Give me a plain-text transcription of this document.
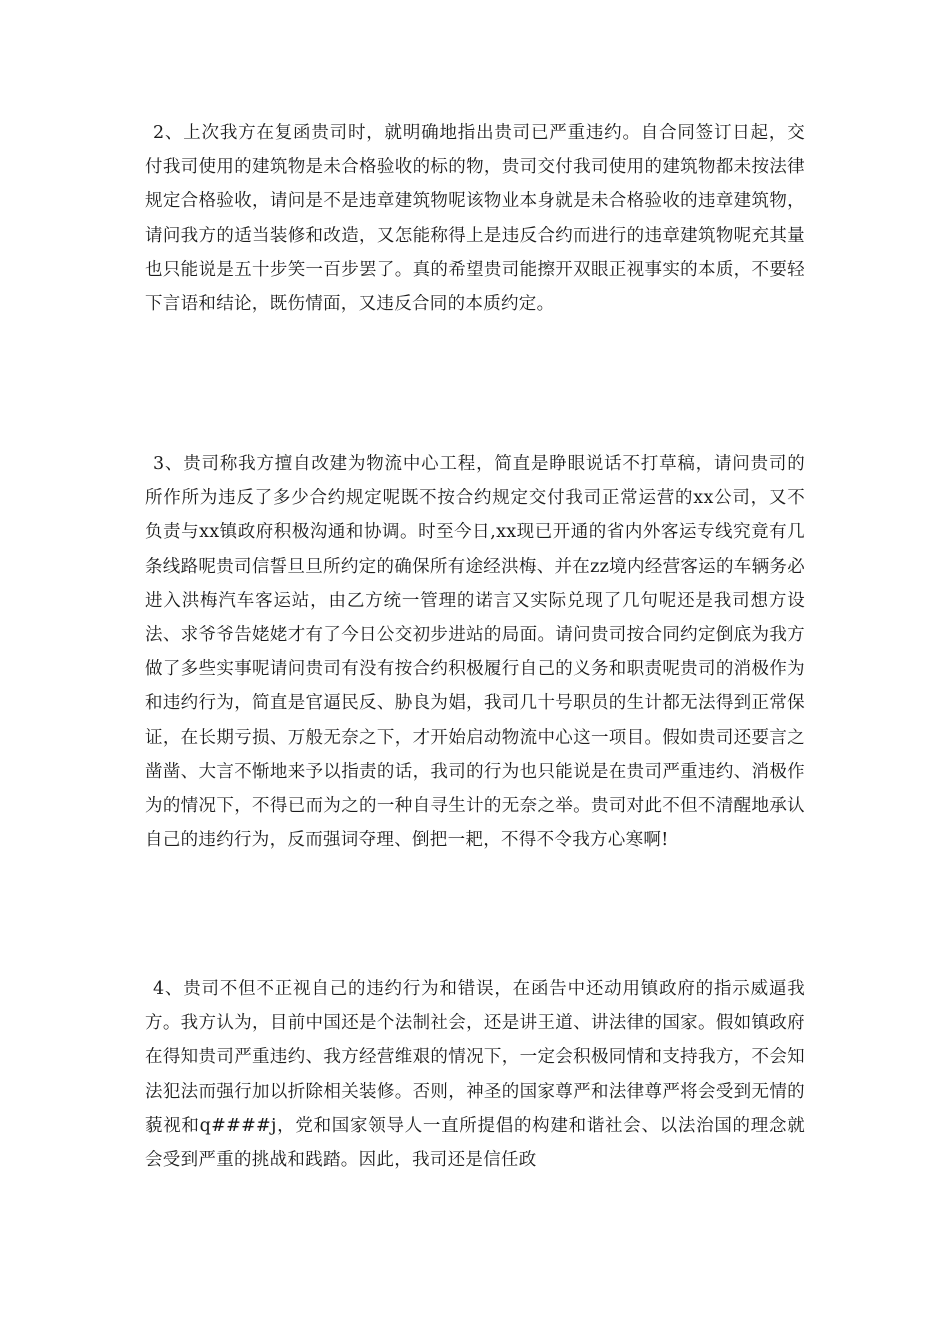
2、上次我方在复函贵司时，就明确地指出贵司已严重违约。自合同签订日起，交付我司使用的建筑物是未合格验收的标的物，贵司交付我司使用的建筑物都未按法律规定合格验收，请问是不是违章建筑物呢该物业本身就是未合格验收的违章建筑物，请问我方的适当装修和改造，又怎能称得上是违反合约而进行的违章建筑物呢充其量也只能说是五十步笑一百步罢了。真的希望贵司能擦开双眼正视事实的本质，不要轻下言语和结论，既伤情面，又违反合同的本质约定。

3、贵司称我方擅自改建为物流中心工程，简直是睁眼说话不打草稿，请问贵司的所作所为违反了多少合约规定呢既不按合约规定交付我司正常运营的xx公司，又不负责与xx镇政府积极沟通和协调。时至今日,xx现已开通的省内外客运专线究竟有几条线路呢贵司信誓旦旦所约定的确保所有途经洪梅、并在zz境内经营客运的车辆务必进入洪梅汽车客运站，由乙方统一管理的诺言又实际兑现了几句呢还是我司想方设法、求爷爷告姥姥才有了今日公交初步进站的局面。请问贵司按合同约定倒底为我方做了多些实事呢请问贵司有没有按合约积极履行自己的义务和职责呢贵司的消极作为和违约行为，简直是官逼民反、胁良为娼，我司几十号职员的生计都无法得到正常保证，在长期亏损、万般无奈之下，才开始启动物流中心这一项目。假如贵司还要言之凿凿、大言不惭地来予以指责的话，我司的行为也只能说是在贵司严重违约、消极作为的情况下，不得已而为之的一种自寻生计的无奈之举。贵司对此不但不清醒地承认自己的违约行为，反而强词夺理、倒把一耙，不得不令我方心寒啊!

4、贵司不但不正视自己的违约行为和错误，在函告中还动用镇政府的指示威逼我方。我方认为，目前中国还是个法制社会，还是讲王道、讲法律的国家。假如镇政府在得知贵司严重违约、我方经营维艰的情况下，一定会积极同情和支持我方，不会知法犯法而强行加以折除相关装修。否则，神圣的国家尊严和法律尊严将会受到无情的藐视和q####j，党和国家领导人一直所提倡的构建和谐社会、以法治国的理念就会受到严重的挑战和践踏。因此，我司还是信任政
